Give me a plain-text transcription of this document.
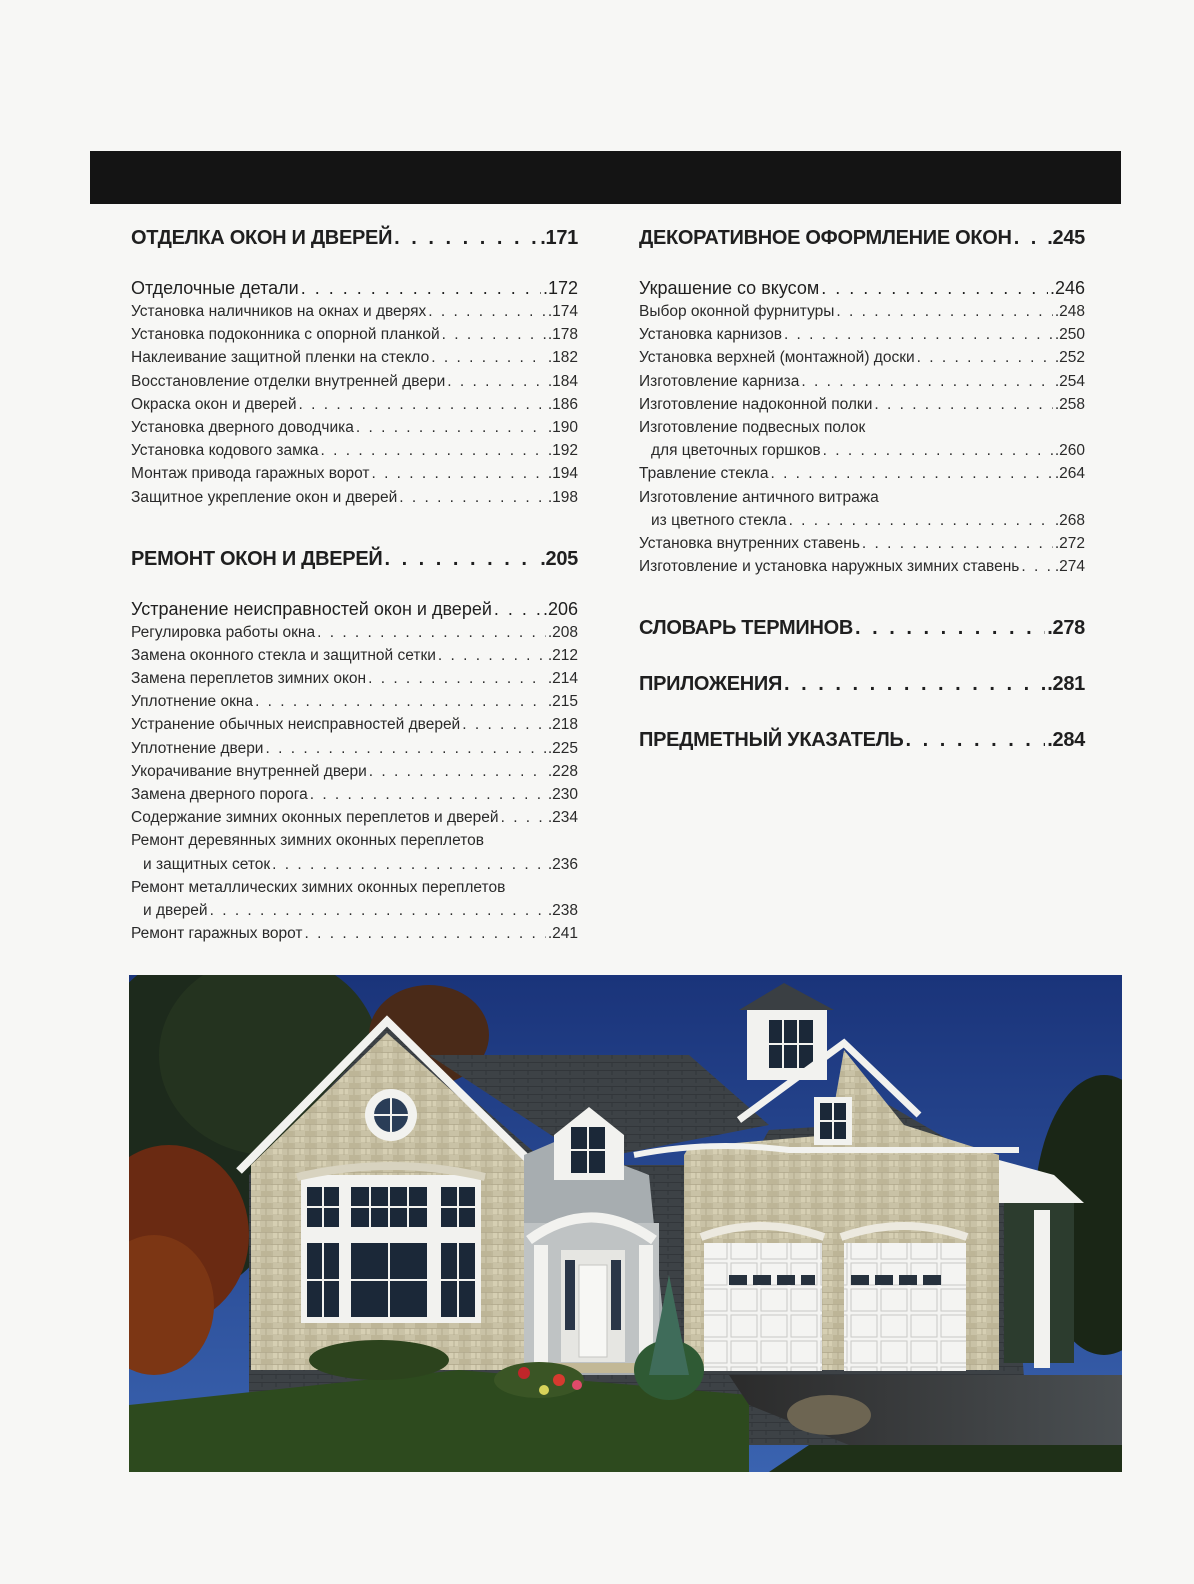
ОТДЕЛКА ОКОН И ДВЕРЕЙ . . .	.171
Отделочные детали . . .	.172
Установка наличников на окнах и дверях . . .	.174
Установка подоконника с опорной планкой . . .	.178
Наклеивание защитной пленки на стекло . . .	.182
Восстановление отделки внутренней двери . . .	.184
Окраска окон и дверей . . .	.186
Установка дверного доводчика . . .	.190
Установка кодового замка . . .	.192
Монтаж привода гаражных ворот . . .	.194
Защитное укрепление окон и дверей . . .	.198
РЕМОНТ ОКОН И ДВЕРЕЙ . . .	.205
Устранение неисправностей окон и дверей . . .	.206
Регулировка работы окна . . .	.208
Замена оконного стекла и защитной сетки . . .	.212
Замена переплетов зимних окон . . .	.214
Уплотнение окна . . .	.215
Устранение обычных неисправностей дверей . . .	.218
Уплотнение двери . . .	.225
Укорачивание внутренней двери . . .	.228
Замена дверного порога . . .	.230
Содержание зимних оконных переплетов и дверей . . .	.234
Ремонт деревянных зимних оконных переплетов
и защитных сеток . . .	.236
Ремонт металлических зимних оконных переплетов
и дверей . . .	.238
Ремонт гаражных ворот . . .	.241
ДЕКОРАТИВНОЕ ОФОРМЛЕНИЕ ОКОН . . . .245
Украшение со вкусом . . .	.246
Выбор оконной фурнитуры . . .	.248
Установка карнизов . . .	.250
Установка верхней (монтажной) доски . . .	.252
Изготовление карниза . . .	.254
Изготовление надоконной полки . . .	.258
Изготовление подвесных полок
для цветочных горшков . . .	.260
Травление стекла . . .	.264
Изготовление античного витража
из цветного стекла . . .	.268
Установка внутренних ставень . . .	.272
Изготовление и установка наружных зимних ставень . . . .274
СЛОВАРЬ ТЕРМИНОВ . . .	.278
ПРИЛОЖЕНИЯ . . .	.281
ПРЕДМЕТНЫЙ УКАЗАТЕЛЬ . . .	.284
